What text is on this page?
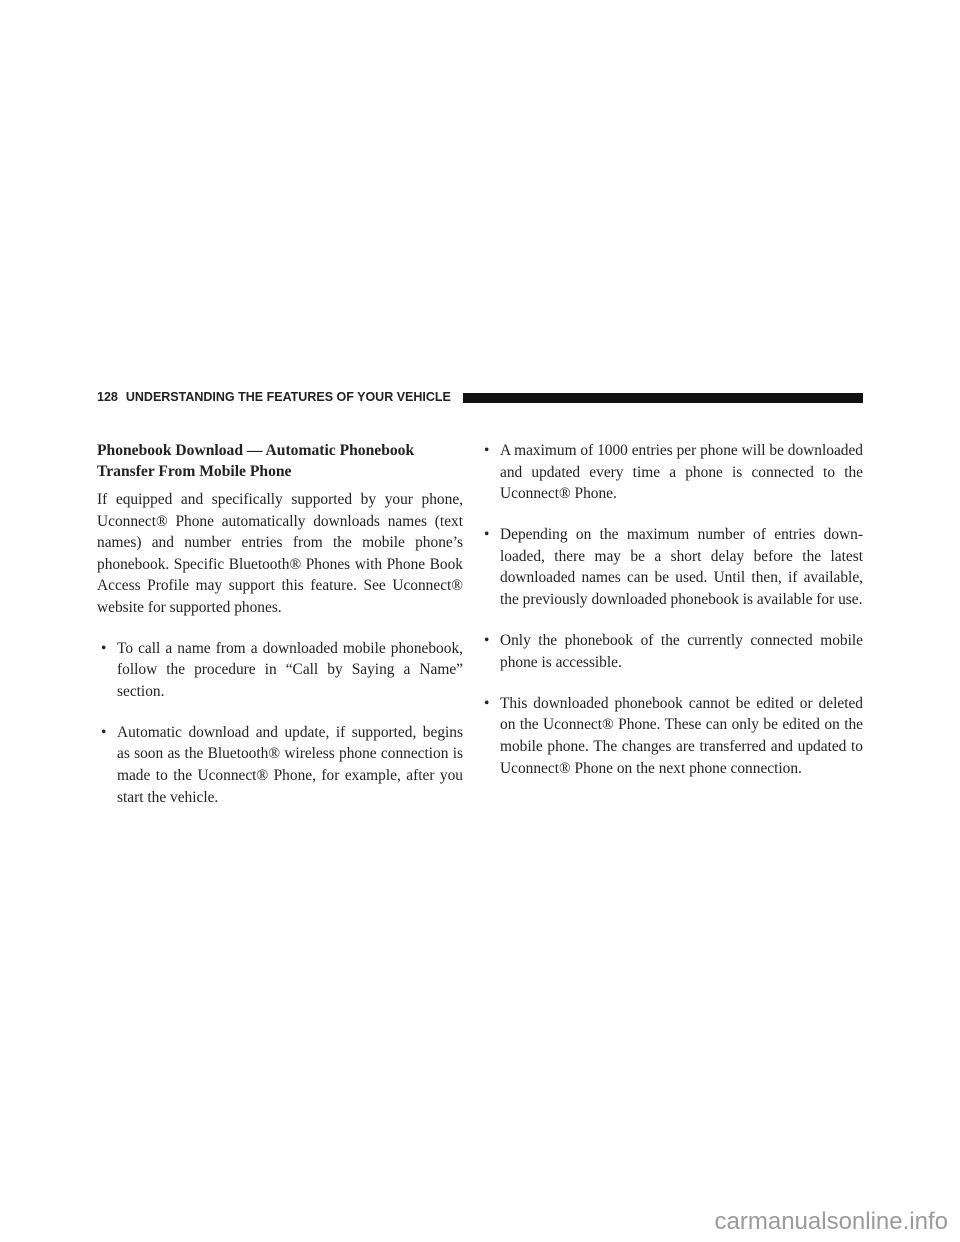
128 UNDERSTANDING THE FEATURES OF YOUR VEHICLE
Phonebook Download — Automatic Phonebook Transfer From Mobile Phone

If equipped and specifically supported by your phone, Uconnect® Phone automatically downloads names (text names) and number entries from the mobile phone’s phonebook. Specific Bluetooth® Phones with Phone Book Access Profile may support this feature. See Uconnect® website for supported phones.

• To call a name from a downloaded mobile phonebook, follow the procedure in “Call by Saying a Name” section.
• Automatic download and update, if supported, begins as soon as the Bluetooth® wireless phone connection is made to the Uconnect® Phone, for example, after you start the vehicle.
• A maximum of 1000 entries per phone will be downloaded and updated every time a phone is connected to the Uconnect® Phone.
• Depending on the maximum number of entries downloaded, there may be a short delay before the latest downloaded names can be used. Until then, if available, the previously downloaded phonebook is available for use.
• Only the phonebook of the currently connected mobile phone is accessible.
• This downloaded phonebook cannot be edited or deleted on the Uconnect® Phone. These can only be edited on the mobile phone. The changes are transferred and updated to Uconnect® Phone on the next phone connection.
carmanualsonline.info
